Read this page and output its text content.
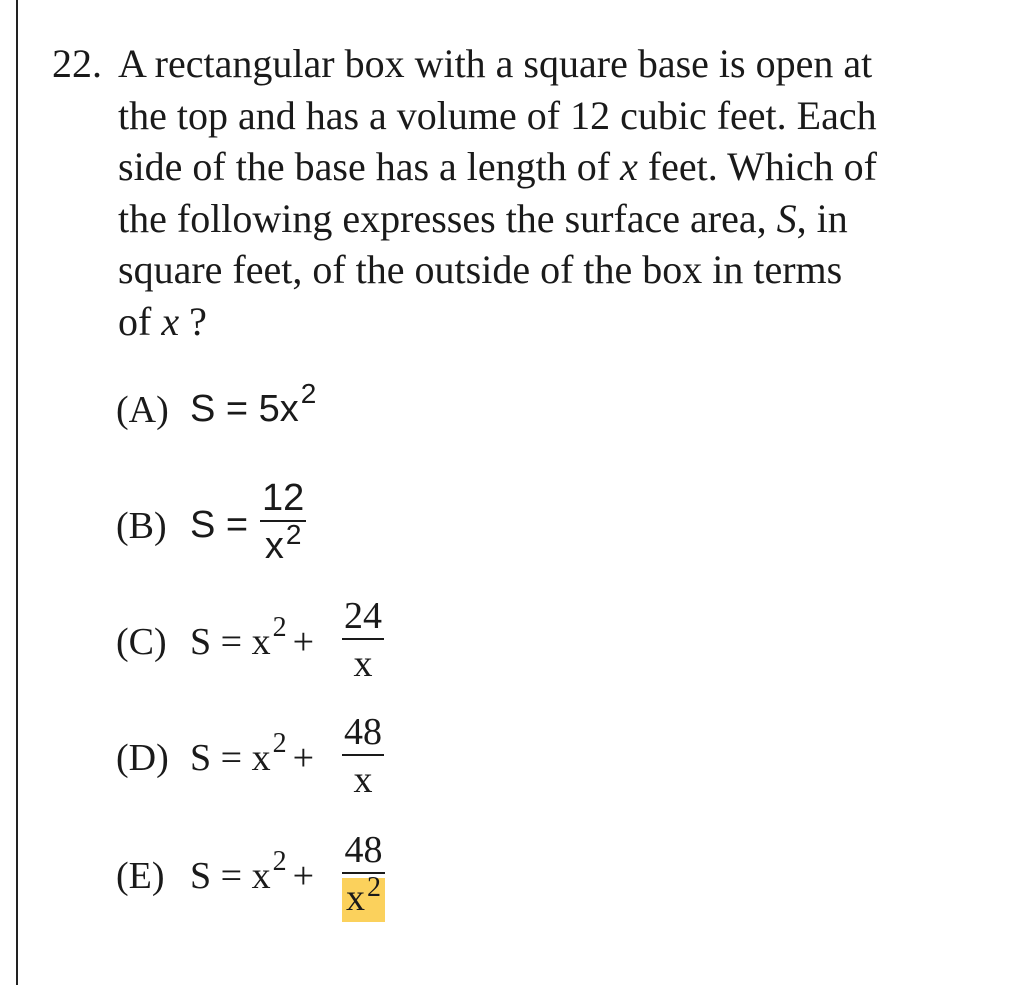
22. A rectangular box with a square base is open at
the top and has a volume of 12 cubic feet. Each
side of the base has a length of x feet. Which of
the following expresses the surface area, S, in
square feet, of the outside of the box in terms
of x ?
(A) $S = 5x^2$
(B) $S = \frac{12}{x^2}$
(C) $S = x^2 + \frac{24}{x}$
(D) $S = x^2 + \frac{48}{x}$
(E) $S = x^2 + \frac{48}{x^2}$
